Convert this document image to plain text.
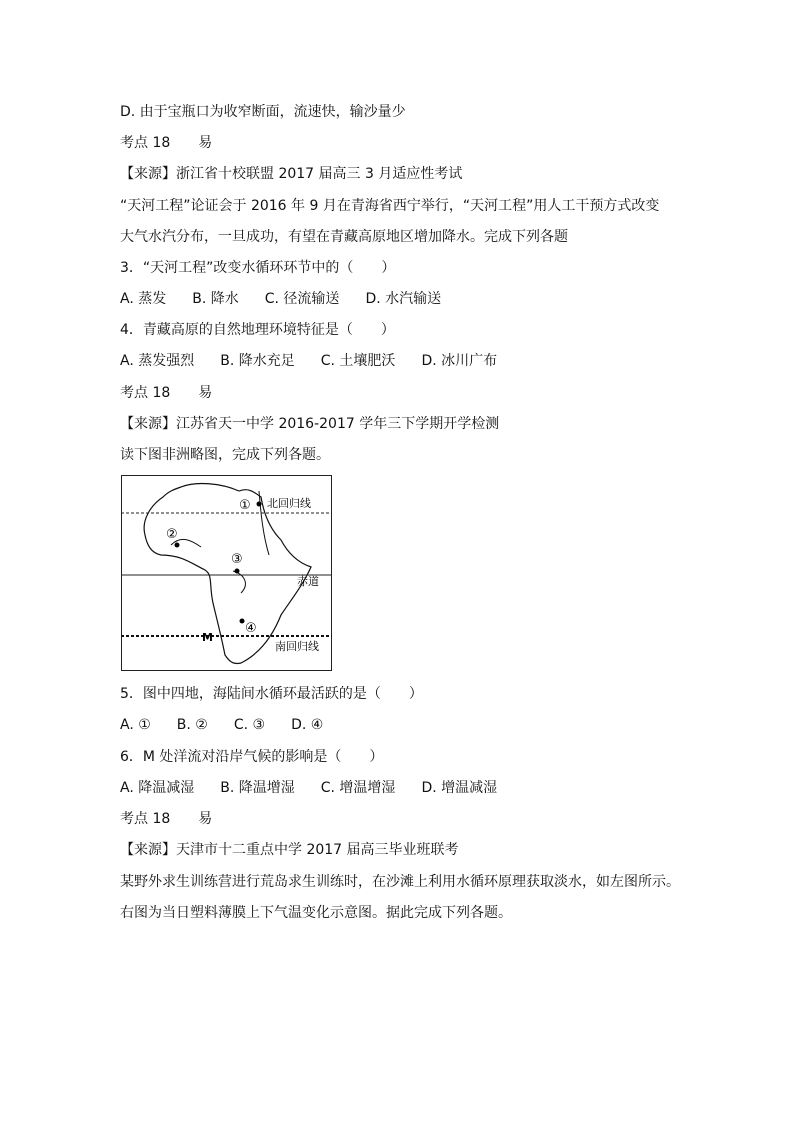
D. 由于宝瓶口为收窄断面，流速快，输沙量少
考点 18　　易
【来源】浙江省十校联盟 2017 届高三 3 月适应性考试
“天河工程”论证会于 2016 年 9 月在青海省西宁举行，“天河工程”用人工干预方式改变
大气水汽分布，一旦成功，有望在青藏高原地区增加降水。完成下列各题
3．“天河工程”改变水循环环节中的（　　）
A. 蒸发 B. 降水 C. 径流输送 D. 水汽输送
4．青藏高原的自然地理环境特征是（　　）
A. 蒸发强烈 B. 降水充足 C. 土壤肥沃 D. 冰川广布
考点 18　　易
【来源】江苏省天一中学 2016-2017 学年三下学期开学检测
读下图非洲略图，完成下列各题。
①
②
③
④
M
北回归线
赤道
南回归线
5．图中四地，海陆间水循环最活跃的是（　　）
A. ① B. ② C. ③ D. ④
6．M 处洋流对沿岸气候的影响是（　　）
A. 降温减湿 B. 降温增湿 C. 增温增湿 D. 增温减湿
考点 18　　易
【来源】天津市十二重点中学 2017 届高三毕业班联考
某野外求生训练营进行荒岛求生训练时，在沙滩上利用水循环原理获取淡水，如左图所示。
右图为当日塑料薄膜上下气温变化示意图。据此完成下列各题。
